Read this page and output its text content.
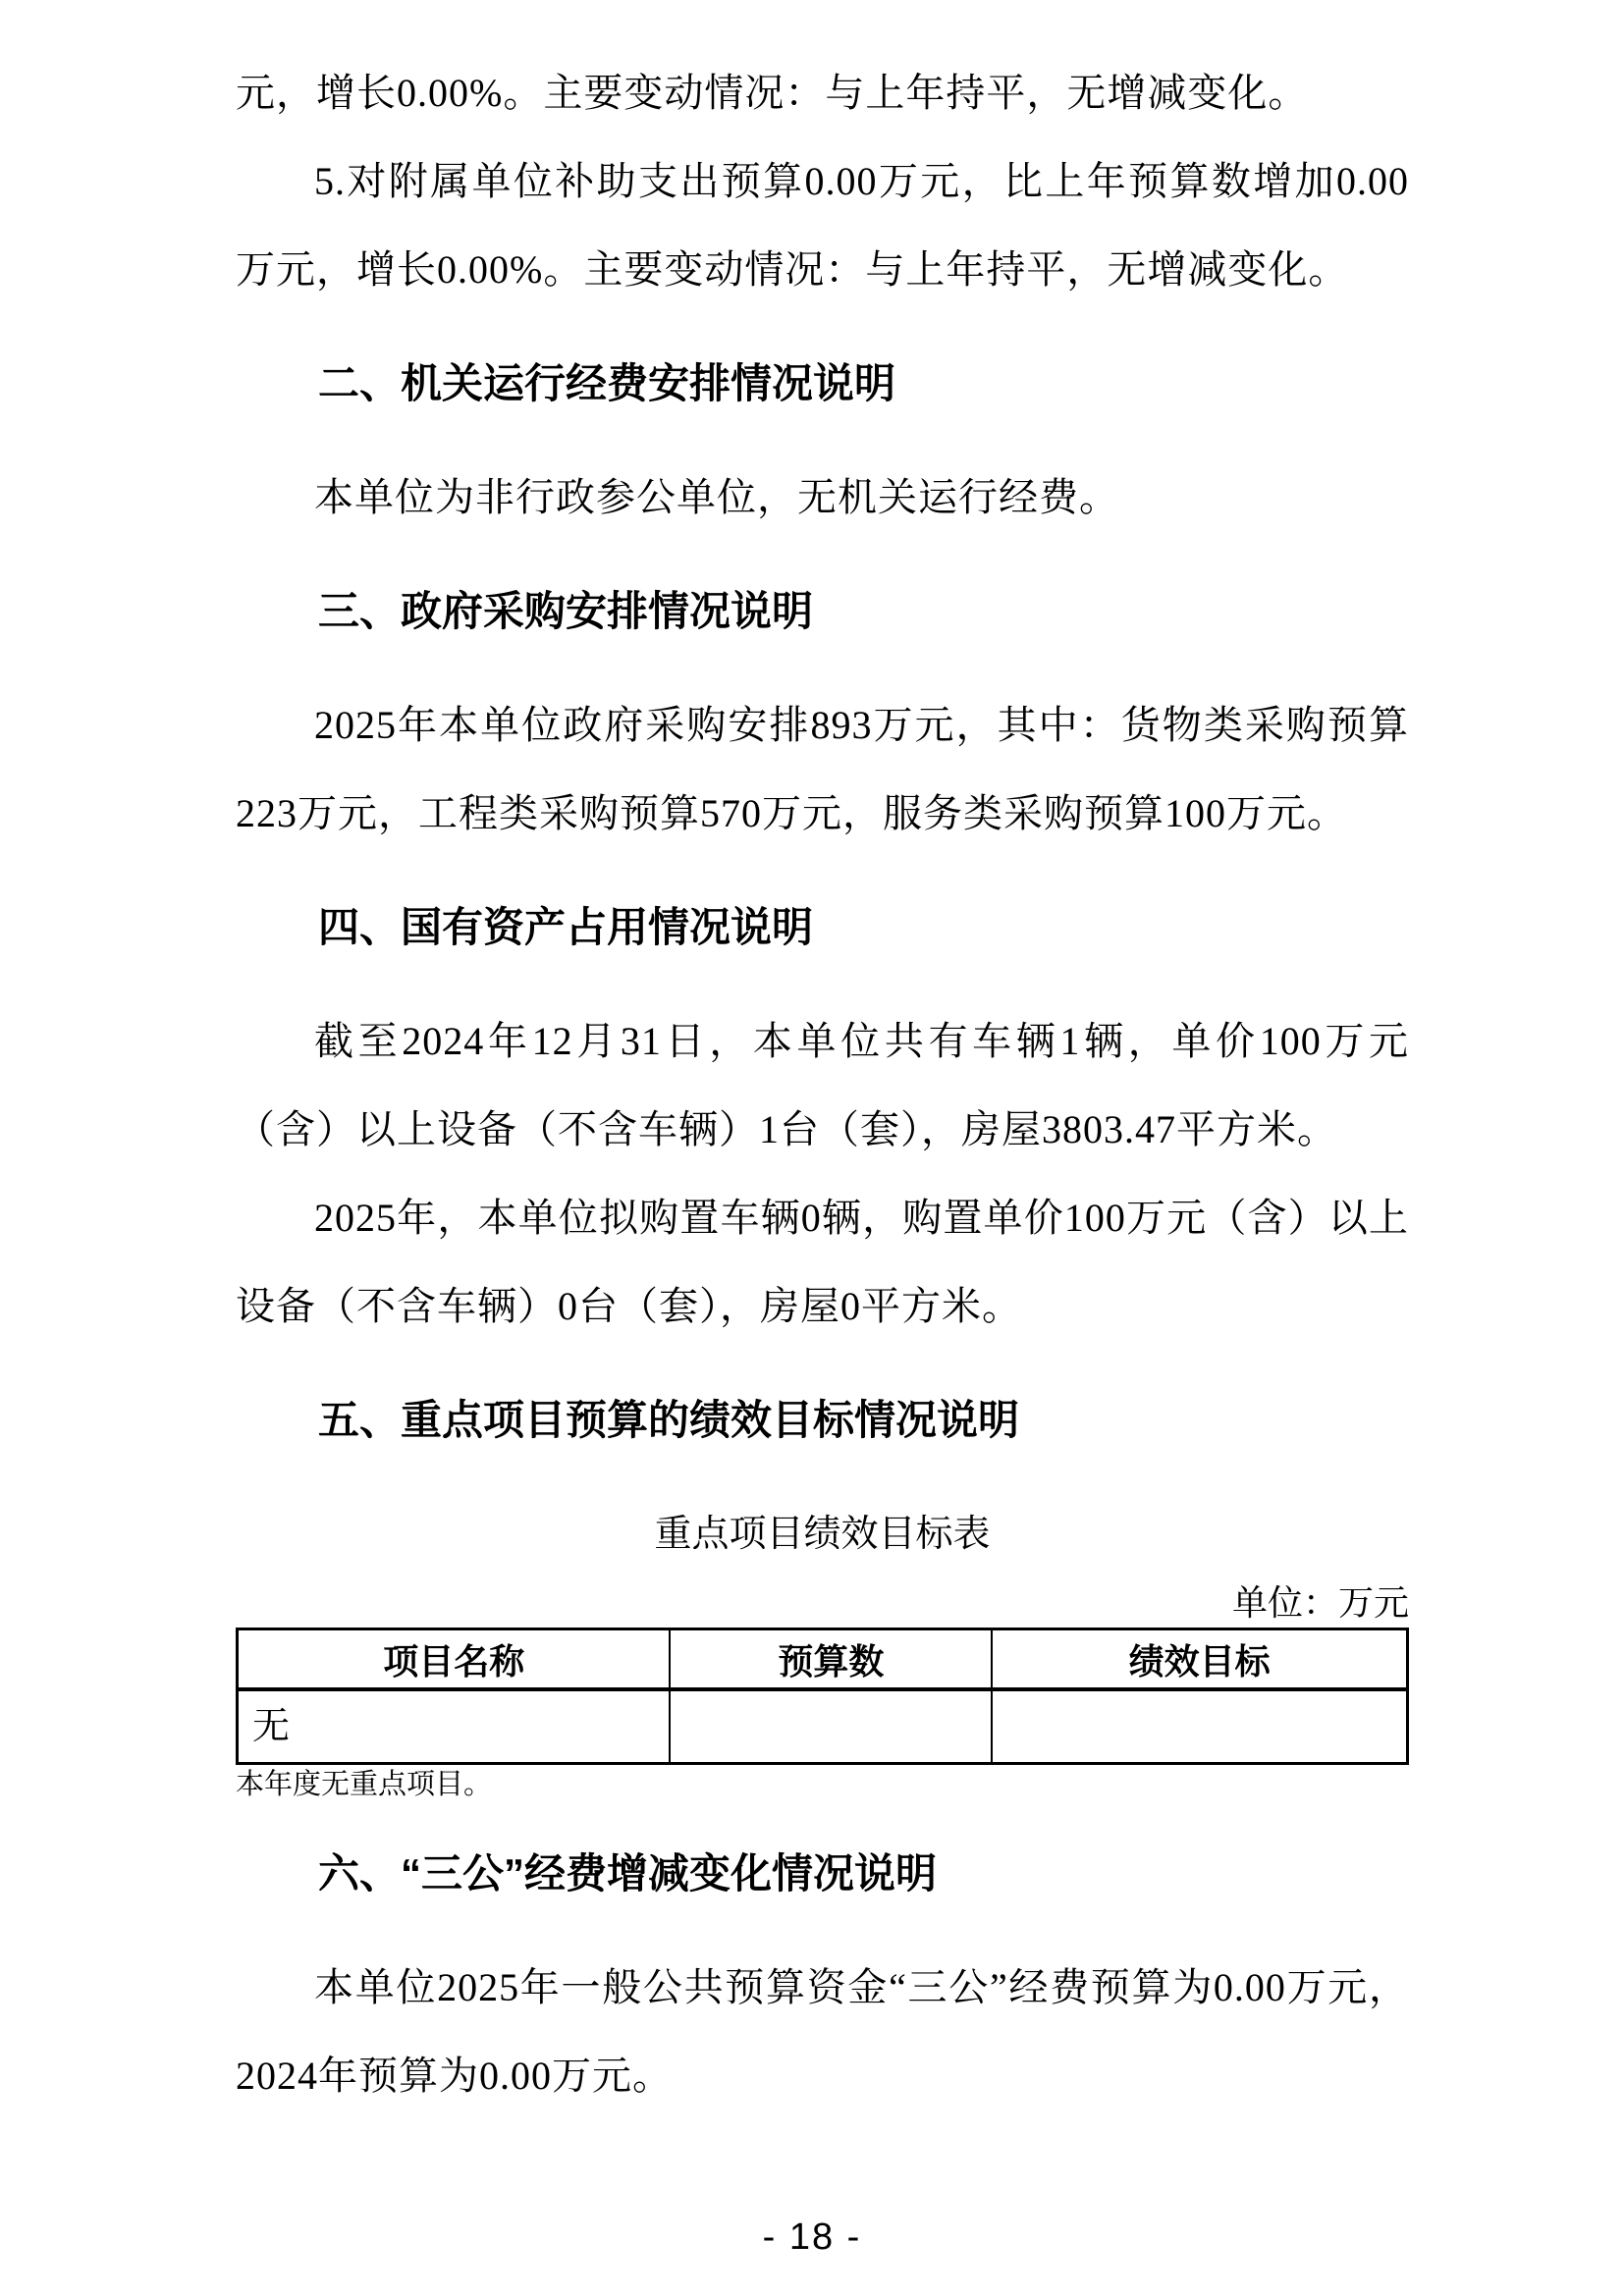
元，增长0.00%。主要变动情况：与上年持平，无增减变化。

5.对附属单位补助支出预算0.00万元，比上年预算数增加0.00万元，增长0.00%。主要变动情况：与上年持平，无增减变化。

二、机关运行经费安排情况说明

本单位为非行政参公单位，无机关运行经费。

三、政府采购安排情况说明

2025年本单位政府采购安排893万元，其中：货物类采购预算223万元，工程类采购预算570万元，服务类采购预算100万元。

四、国有资产占用情况说明

截至2024年12月31日，本单位共有车辆1辆，单价100万元（含）以上设备（不含车辆）1台（套），房屋3803.47平方米。

2025年，本单位拟购置车辆0辆，购置单价100万元（含）以上设备（不含车辆）0台（套），房屋0平方米。

五、重点项目预算的绩效目标情况说明
重点项目绩效目标表
单位：万元
项目名称	预算数	绩效目标
无		
本年度无重点项目。
六、“三公”经费增减变化情况说明

本单位2025年一般公共预算资金“三公”经费预算为0.00万元，2024年预算为0.00万元。

- 18 -
